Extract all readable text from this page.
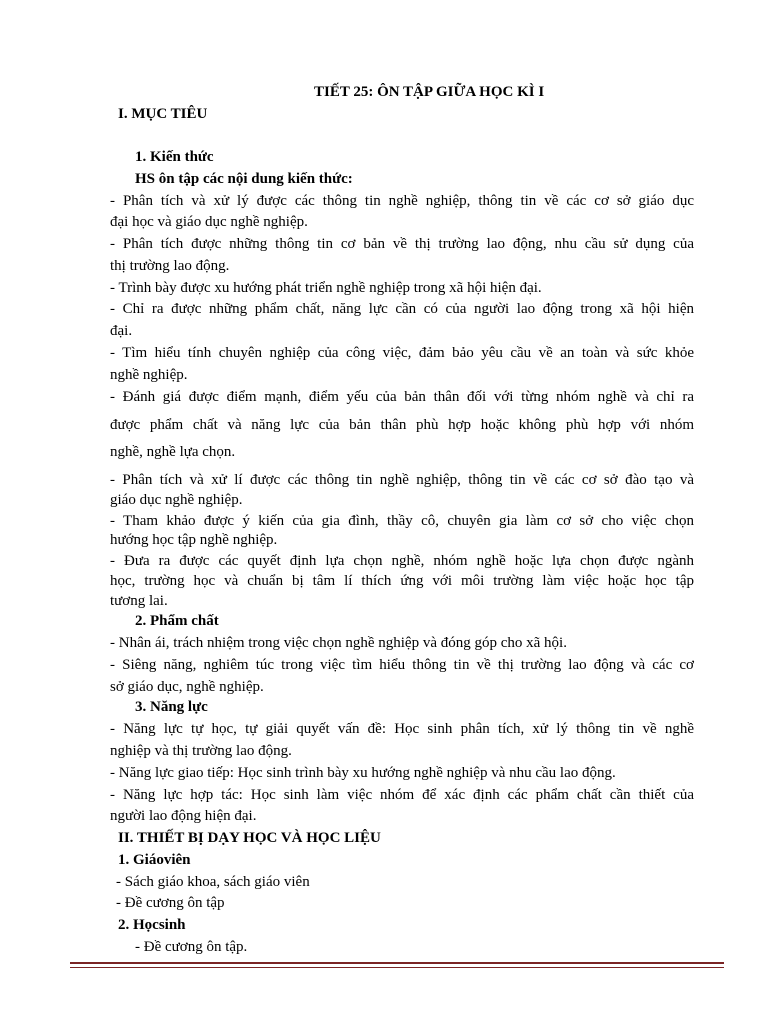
TIẾT 25: ÔN TẬP GIỮA HỌC KÌ I

I. MỤC TIÊU

1. Kiến thức

HS ôn tập các nội dung kiến thức:

- Phân tích và xử lý được các thông tin nghề nghiệp, thông tin về các cơ sở giáo dục

đại học và giáo dục nghề nghiệp.

- Phân tích được những thông tin cơ bản về thị trường lao động, nhu cầu sử dụng của

thị trường lao động.

- Trình bày được xu hướng phát triển nghề nghiệp trong xã hội hiện đại.

- Chỉ ra được những phẩm chất, năng lực cần có của người lao động trong xã hội hiện

đại.

- Tìm hiểu tính chuyên nghiệp của công việc, đảm bảo yêu cầu về an toàn và sức khỏe

nghề nghiệp.

- Đánh giá được điểm mạnh, điểm yếu của bản thân đối với từng nhóm nghề và chỉ ra

được phẩm chất và năng lực của bản thân phù hợp hoặc không phù hợp với nhóm

nghề, nghề lựa chọn.

- Phân tích và xử lí được các thông tin nghề nghiệp, thông tin về các cơ sở đào tạo và

giáo dục nghề nghiệp.

- Tham khảo được ý kiến của gia đình, thầy cô, chuyên gia làm cơ sở cho việc chọn

hướng học tập nghề nghiệp.

- Đưa ra được các quyết định lựa chọn nghề, nhóm nghề hoặc lựa chọn được ngành

học, trường học và chuẩn bị tâm lí thích ứng với môi trường làm việc hoặc học tập

tương lai.

2. Phẩm chất

- Nhân ái, trách nhiệm trong việc chọn nghề nghiệp và đóng góp cho xã hội.

- Siêng năng, nghiêm túc trong việc tìm hiểu thông tin về thị trường lao động và các cơ

sở giáo dục, nghề nghiệp.

3. Năng lực

- Năng lực tự học, tự giải quyết vấn đề: Học sinh phân tích, xử lý thông tin về nghề

nghiệp và thị trường lao động.

- Năng lực giao tiếp: Học sinh trình bày xu hướng nghề nghiệp và nhu cầu lao động.

- Năng lực hợp tác: Học sinh làm việc nhóm để xác định các phẩm chất cần thiết của

người lao động hiện đại.

II. THIẾT BỊ DẠY HỌC VÀ HỌC LIỆU

1. Giáoviên

- Sách giáo khoa, sách giáo viên

- Đề cương ôn tập

2. Họcsinh

- Đề cương ôn tập.
